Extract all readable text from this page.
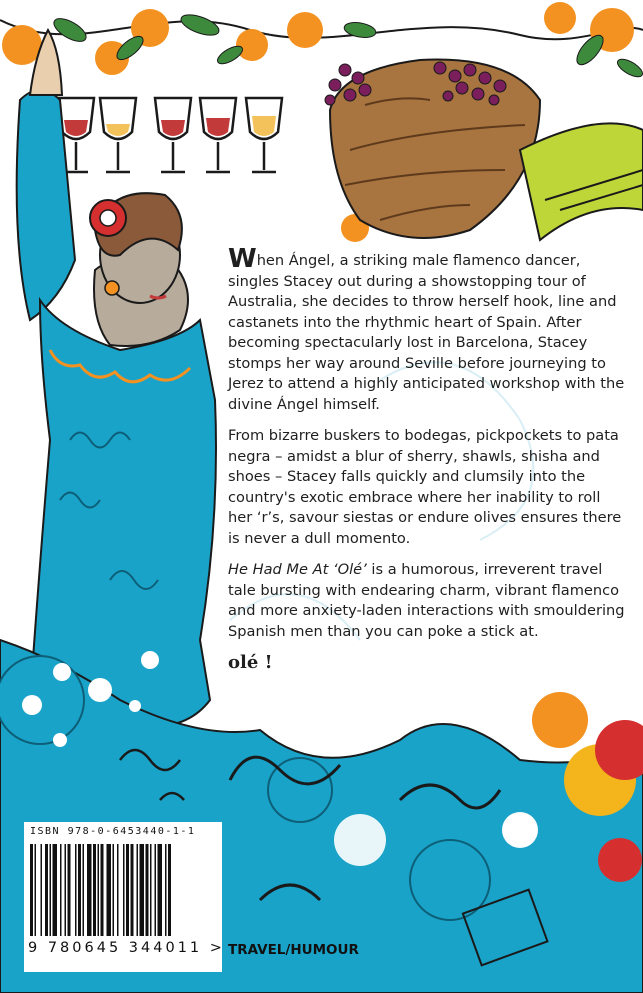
When Ángel, a striking male flamenco dancer, singles Stacey out during a showstopping tour of Australia, she decides to throw herself hook, line and castanets into the rhythmic heart of Spain. After becoming spectacularly lost in Barcelona, Stacey stomps her way around Seville before journeying to Jerez to attend a highly anticipated workshop with the divine Ángel himself.

From bizarre buskers to bodegas, pickpockets to pata negra – amidst a blur of sherry, shawls, shisha and shoes – Stacey falls quickly and clumsily into the country's exotic embrace where her inability to roll her ‘r’s, savour siestas or endure olives ensures there is never a dull momento.

He Had Me At ‘Olé’ is a humorous, irreverent travel tale bursting with endearing charm, vibrant flamenco and more anxiety-laden interactions with smouldering Spanish men than you can poke a stick at.

olé !
ISBN 978-0-6453440-1-1
9 780645 344011 > TRAVEL/HUMOUR
